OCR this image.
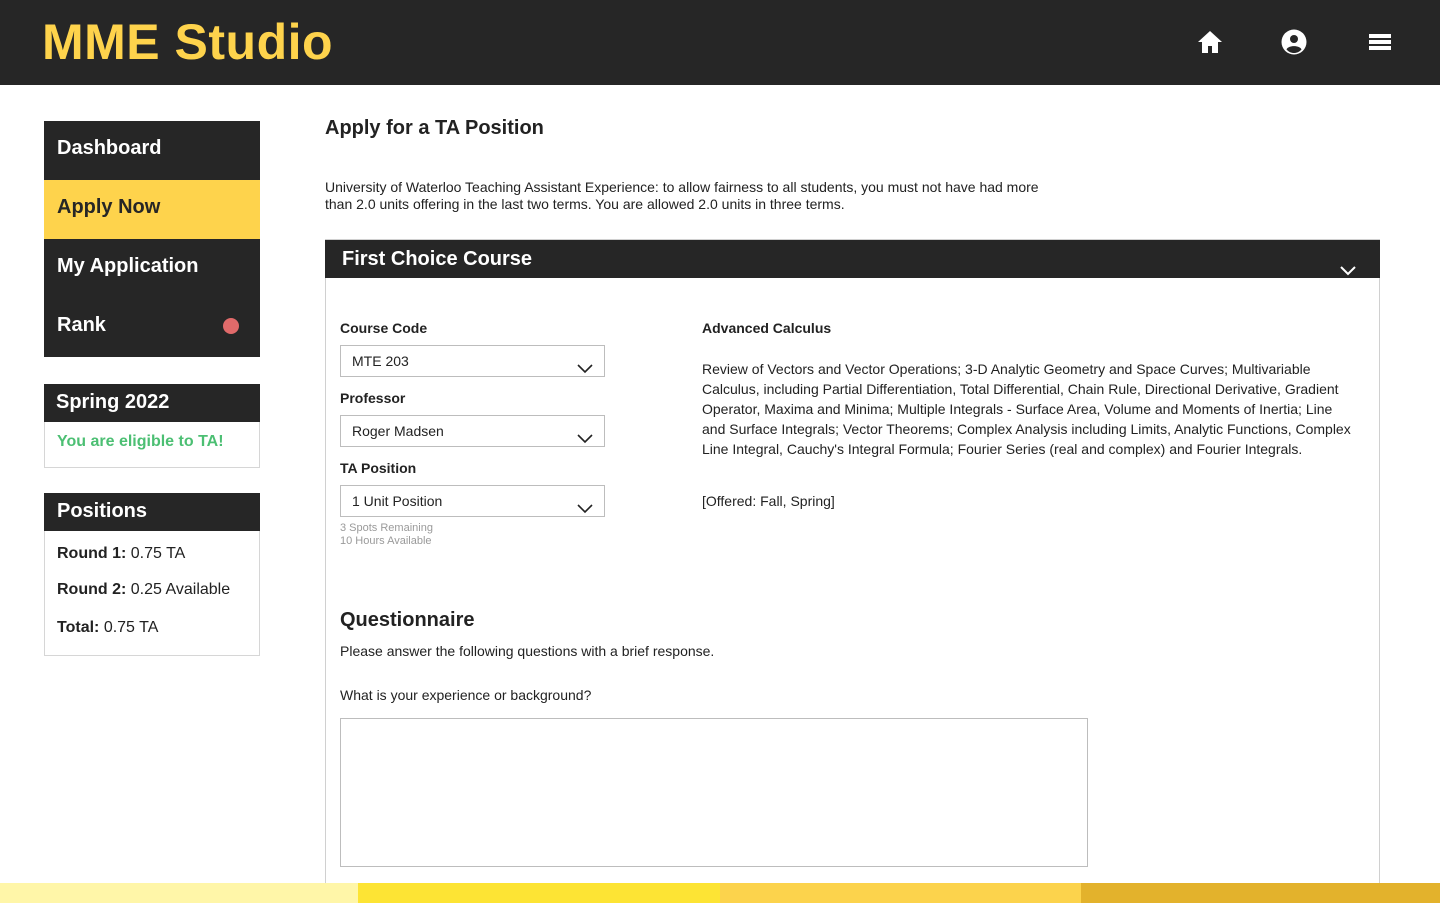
MME Studio
Dashboard
Apply Now
My Application
Rank
Spring 2022
You are eligible to TA!
Positions
Round 1: 0.75 TA
Round 2: 0.25 Available
Total: 0.75 TA
Apply for a TA Position
University of Waterloo Teaching Assistant Experience: to allow fairness to all students, you must not have had more than 2.0 units offering in the last two terms. You are allowed 2.0 units in three terms.
First Choice Course
Course Code
MTE 203
Professor
Roger Madsen
TA Position
1 Unit Position
3 Spots Remaining
10 Hours Available
Advanced Calculus
Review of Vectors and Vector Operations; 3-D Analytic Geometry and Space Curves; Multivariable Calculus, including Partial Differentiation, Total Differential, Chain Rule, Directional Derivative, Gradient Operator, Maxima and Minima; Multiple Integrals - Surface Area, Volume and Moments of Inertia; Line and Surface Integrals; Vector Theorems; Complex Analysis including Limits, Analytic Functions, Complex Line Integral, Cauchy's Integral Formula; Fourier Series (real and complex) and Fourier Integrals.
[Offered: Fall, Spring]
Questionnaire
Please answer the following questions with a brief response.
What is your experience or background?
